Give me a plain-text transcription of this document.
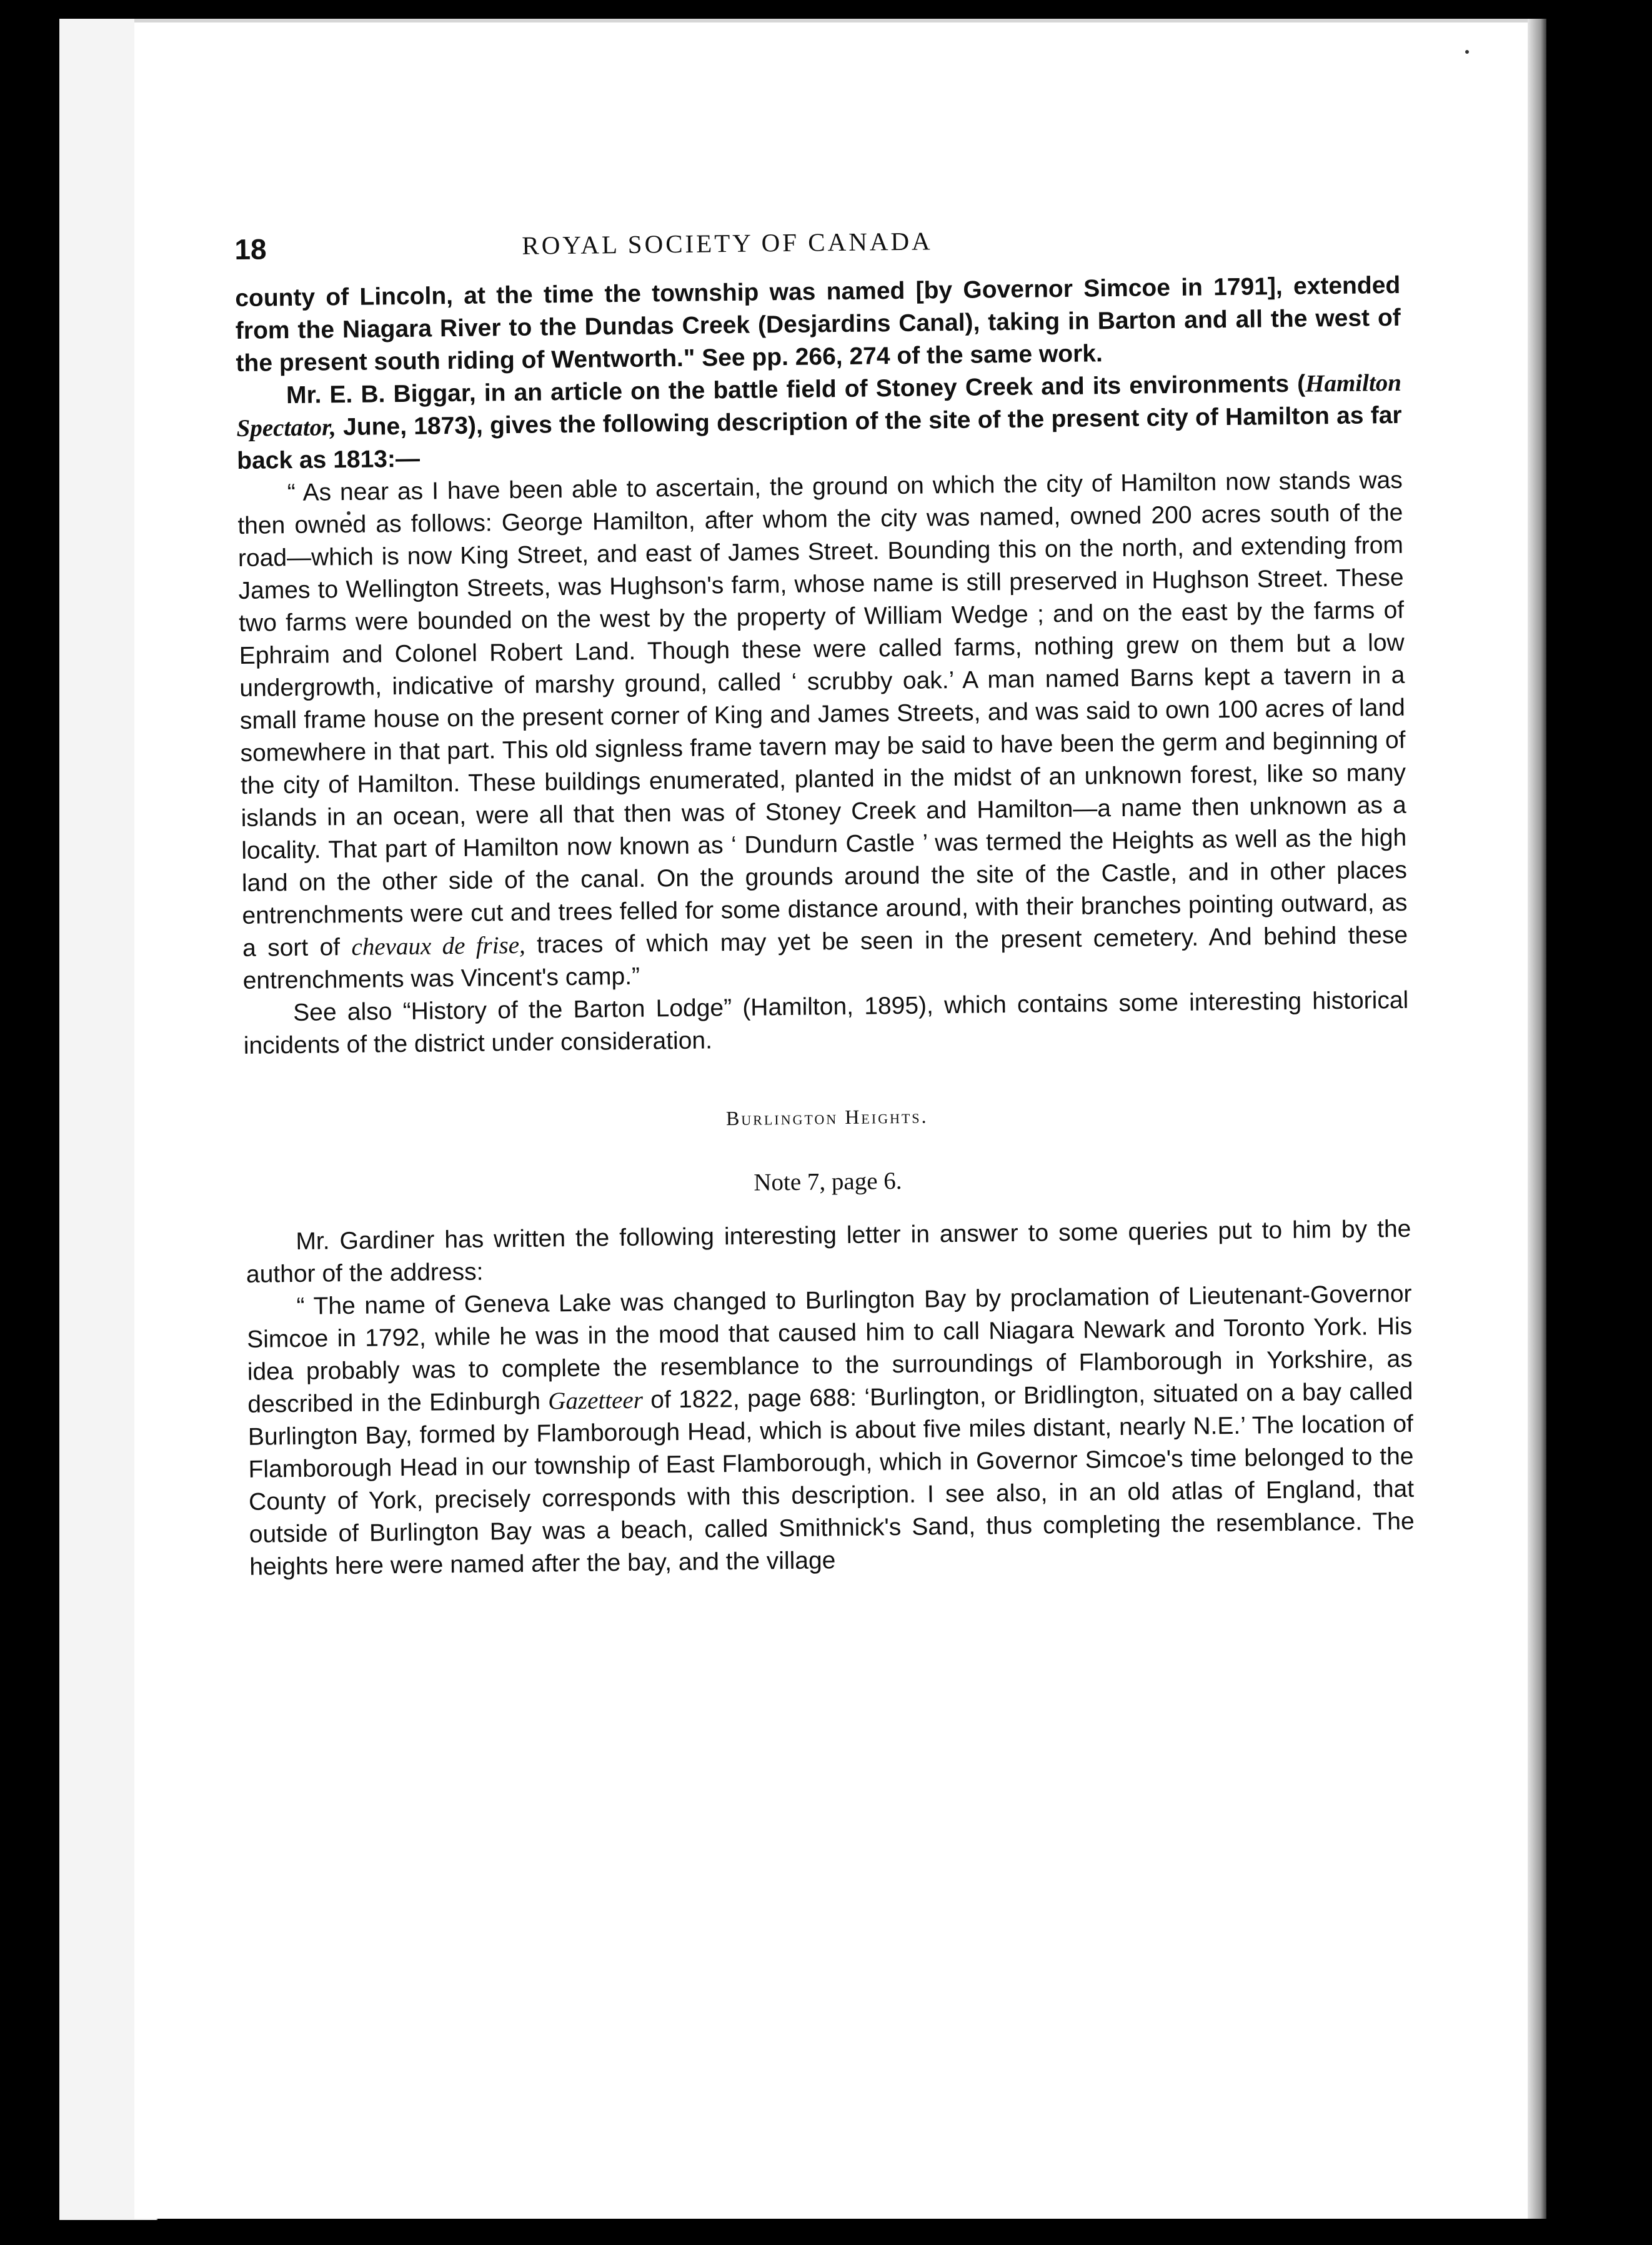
18	ROYAL SOCIETY OF CANADA

county of Lincoln, at the time the township was named [by Governor Simcoe in 1791], extended from the Niagara River to the Dundas Creek (Desjardins Canal), taking in Barton and all the west of the present south riding of Wentworth." See pp. 266, 274 of the same work.

Mr. E. B. Biggar, in an article on the battle field of Stoney Creek and its environments (Hamilton Spectator, June, 1873), gives the following description of the site of the present city of Hamilton as far back as 1813:—

“ As near as I have been able to ascertain, the ground on which the city of Hamilton now stands was then owned as follows: George Hamilton, after whom the city was named, owned 200 acres south of the road—which is now King Street, and east of James Street. Bounding this on the north, and extending from James to Wellington Streets, was Hughson's farm, whose name is still preserved in Hughson Street. These two farms were bounded on the west by the property of William Wedge ; and on the east by the farms of Ephraim and Colonel Robert Land. Though these were called farms, nothing grew on them but a low undergrowth, indicative of marshy ground, called ‘ scrubby oak.’ A man named Barns kept a tavern in a small frame house on the present corner of King and James Streets, and was said to own 100 acres of land somewhere in that part. This old signless frame tavern may be said to have been the germ and beginning of the city of Hamilton. These buildings enumerated, planted in the midst of an unknown forest, like so many islands in an ocean, were all that then was of Stoney Creek and Hamilton—a name then unknown as a locality. That part of Hamilton now known as ‘ Dundurn Castle ’ was termed the Heights as well as the high land on the other side of the canal. On the grounds around the site of the Castle, and in other places entrenchments were cut and trees felled for some distance around, with their branches pointing outward, as a sort of chevaux de frise, traces of which may yet be seen in the present cemetery. And behind these entrenchments was Vincent's camp.”

See also “History of the Barton Lodge” (Hamilton, 1895), which contains some interesting historical incidents of the district under consideration.

Burlington Heights.
Note 7, page 6.

Mr. Gardiner has written the following interesting letter in answer to some queries put to him by the author of the address:

“ The name of Geneva Lake was changed to Burlington Bay by proclamation of Lieutenant-Governor Simcoe in 1792, while he was in the mood that caused him to call Niagara Newark and Toronto York. His idea probably was to complete the resemblance to the surroundings of Flamborough in Yorkshire, as described in the Edinburgh Gazetteer of 1822, page 688: ‘Burlington, or Bridlington, situated on a bay called Burlington Bay, formed by Flamborough Head, which is about five miles distant, nearly N.E.’ The location of Flamborough Head in our township of East Flamborough, which in Governor Simcoe's time belonged to the County of York, precisely corresponds with this description. I see also, in an old atlas of England, that outside of Burlington Bay was a beach, called Smithnick's Sand, thus completing the resemblance. The heights here were named after the bay, and the village
